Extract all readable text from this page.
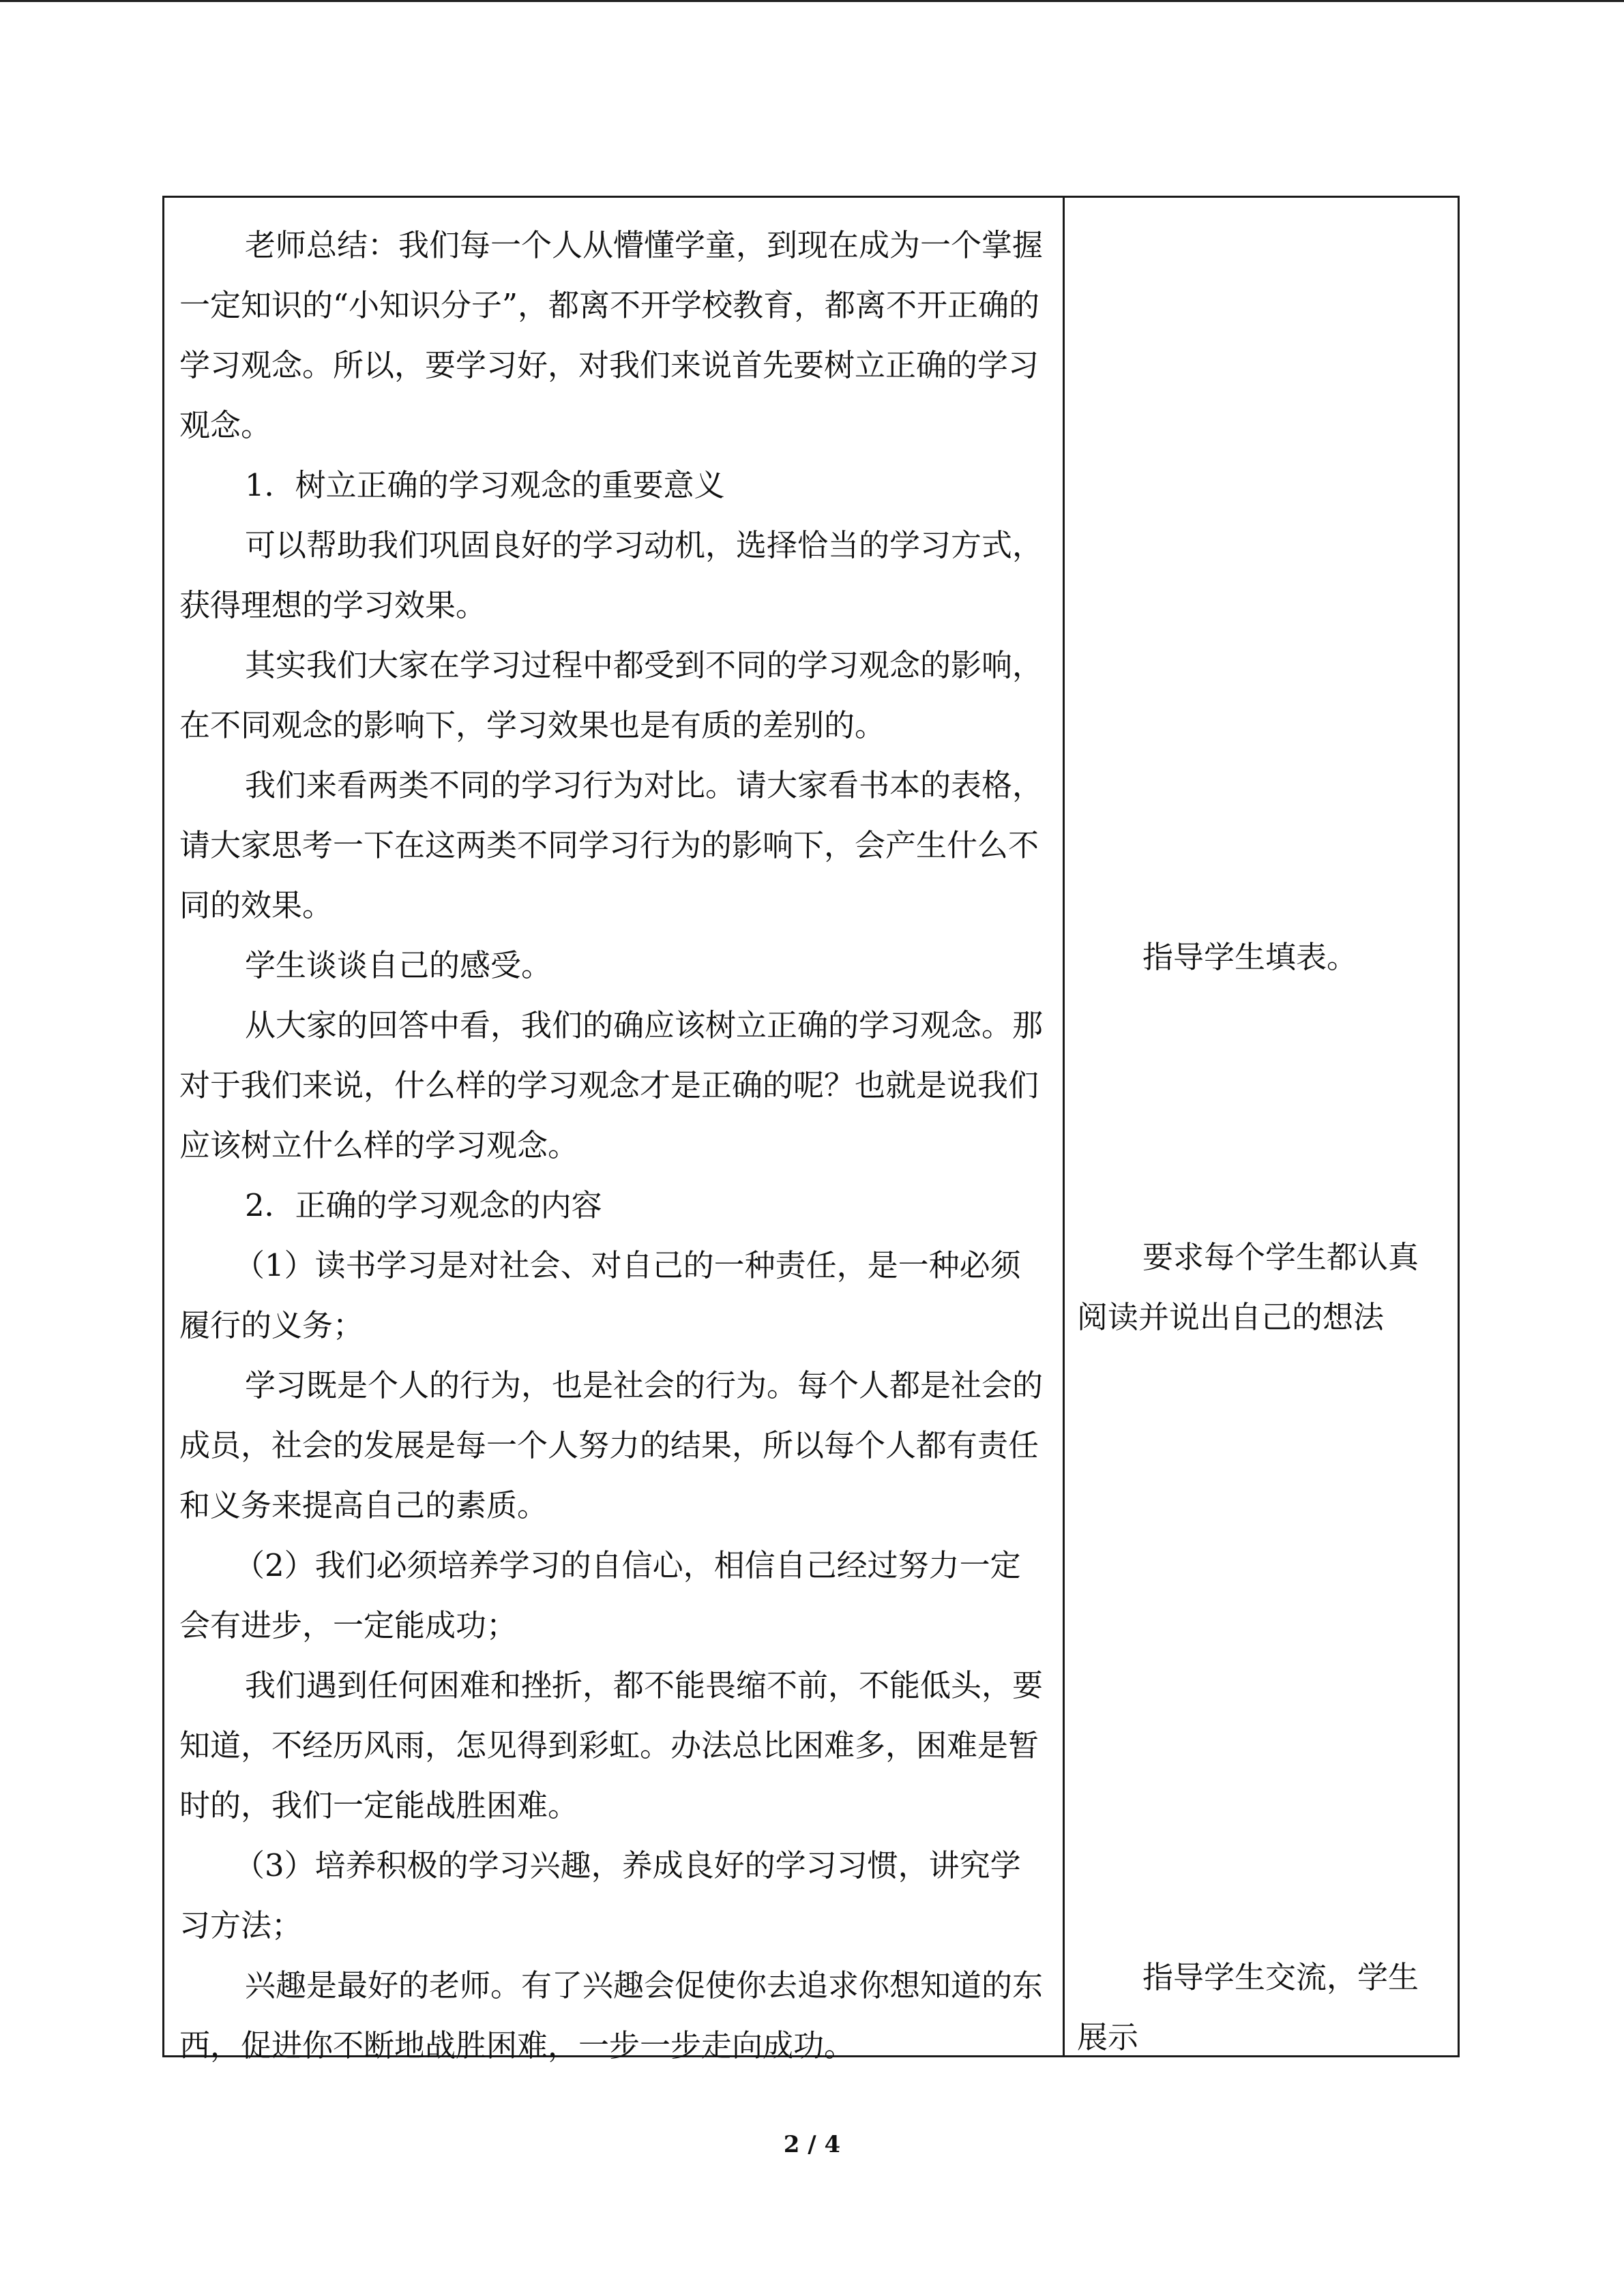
老师总结：我们每一个人从懵懂学童，到现在成为一个掌握一定知识的“小知识分子”，都离不开学校教育，都离不开正确的学习观念。所以，要学习好，对我们来说首先要树立正确的学习观念。

1．树立正确的学习观念的重要意义

可以帮助我们巩固良好的学习动机，选择恰当的学习方式，获得理想的学习效果。

其实我们大家在学习过程中都受到不同的学习观念的影响，在不同观念的影响下，学习效果也是有质的差别的。

我们来看两类不同的学习行为对比。请大家看书本的表格，请大家思考一下在这两类不同学习行为的影响下，会产生什么不同的效果。

学生谈谈自己的感受。

从大家的回答中看，我们的确应该树立正确的学习观念。那对于我们来说，什么样的学习观念才是正确的呢？也就是说我们应该树立什么样的学习观念。

2．正确的学习观念的内容

（1）读书学习是对社会、对自己的一种责任，是一种必须履行的义务；

学习既是个人的行为，也是社会的行为。每个人都是社会的成员，社会的发展是每一个人努力的结果，所以每个人都有责任和义务来提高自己的素质。

（2）我们必须培养学习的自信心，相信自己经过努力一定会有进步，一定能成功；

我们遇到任何困难和挫折，都不能畏缩不前，不能低头，要知道，不经历风雨，怎见得到彩虹。办法总比困难多，困难是暂时的，我们一定能战胜困难。

（3）培养积极的学习兴趣，养成良好的学习习惯，讲究学习方法；

兴趣是最好的老师。有了兴趣会促使你去追求你想知道的东西，促进你不断地战胜困难，一步一步走向成功。

指导学生填表。

要求每个学生都认真阅读并说出自己的想法

指导学生交流，学生展示

2 / 4
